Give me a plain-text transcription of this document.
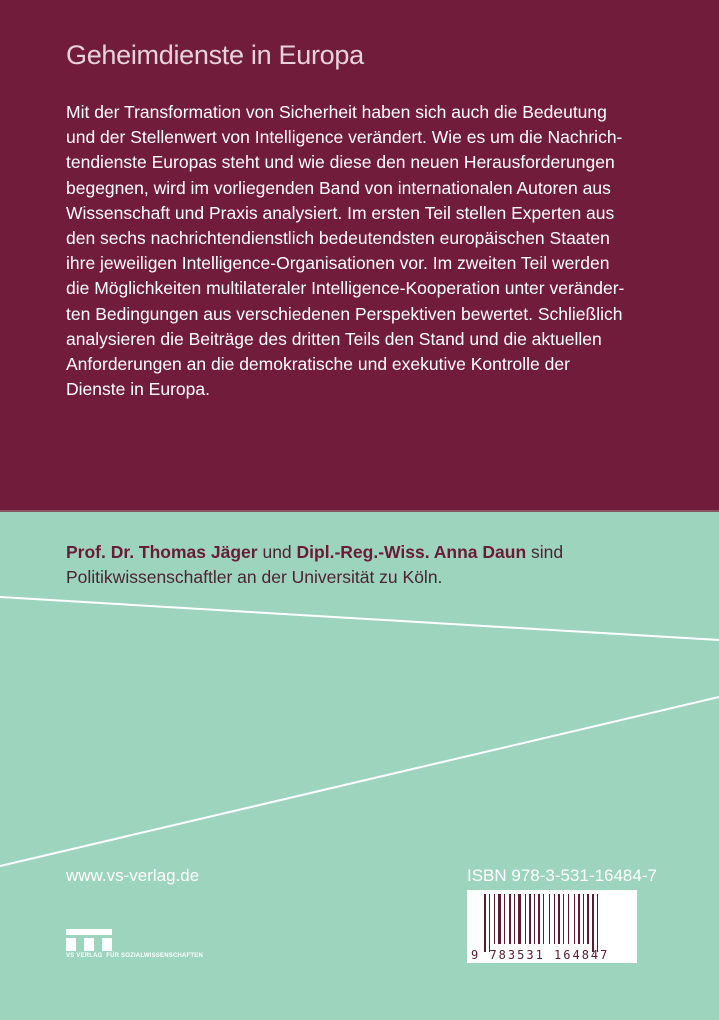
Geheimdienste in Europa
Mit der Transformation von Sicherheit haben sich auch die Bedeutung
und der Stellenwert von Intelligence verändert. Wie es um die Nachrich-
tendienste Europas steht und wie diese den neuen Herausforderungen
begegnen, wird im vorliegenden Band von internationalen Autoren aus
Wissenschaft und Praxis analysiert. Im ersten Teil stellen Experten aus
den sechs nachrichtendienstlich bedeutendsten europäischen Staaten
ihre jeweiligen Intelligence-Organisationen vor. Im zweiten Teil werden
die Möglichkeiten multilateraler Intelligence-Kooperation unter veränder-
ten Bedingungen aus verschiedenen Perspektiven bewertet. Schließlich
analysieren die Beiträge des dritten Teils den Stand und die aktuellen
Anforderungen an die demokratische und exekutive Kontrolle der
Dienste in Europa.
Prof. Dr. Thomas Jäger und Dipl.-Reg.-Wiss. Anna Daun sind
Politikwissenschaftler an der Universität zu Köln.
www.vs-verlag.de
VS VERLAG  FÜR SOZIALWISSENSCHAFTEN
ISBN 978-3-531-16484-7
9 783531 164847
